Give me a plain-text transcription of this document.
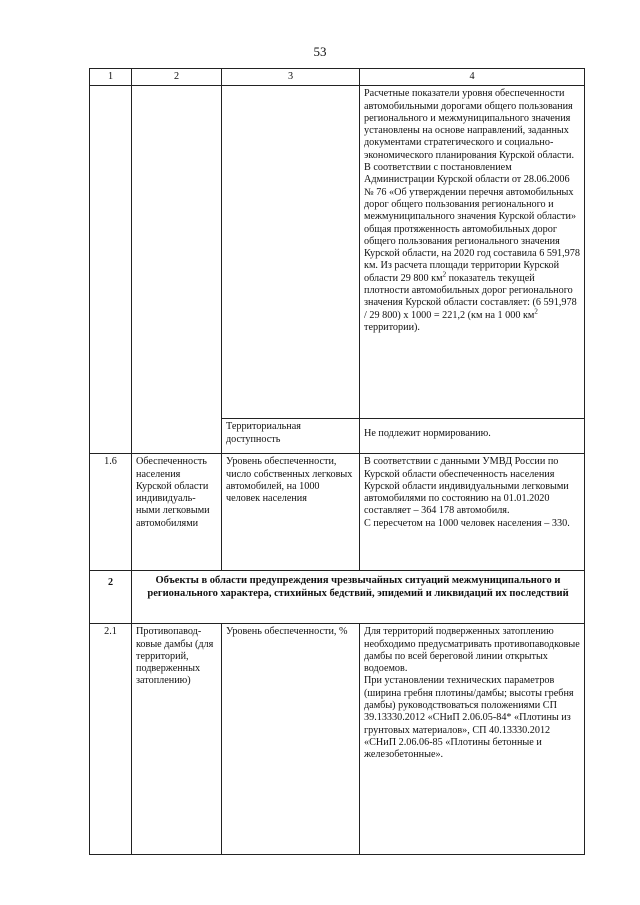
53
1	2	3	4

			Расчетные показатели уровня обеспеченности автомобильными дорогами общего пользования регионального и межмуниципального значения установлены на основе направлений, заданных документами стратегического и социально-экономического планирования Курской области.

В соответствии с постановлением Администрации Курской области от 28.06.2006 № 76 «Об утверждении перечня автомобильных дорог общего пользования регионального и межмуниципального значения Курской области» общая протяженность автомобильных дорог общего пользования регионального значения Курской области, на 2020 год составила 6 591,978 км. Из расчета площади территории Курской области 29 800 $км^2$ показатель текущей плотности автомобильных дорог регионального значения Курской области составляет: (6 591,978 / 29 800) х 1000 = 221,2 (км на 1 000 $км^2$ территории).

		Территориальная доступность	Не подлежит нормированию.
1.6	Обеспеченность населения Курской области индивидуаль-ными легковыми автомобилями	Уровень обеспеченности, число собственных легковых автомобилей, на 1000 человек населения	В соответствии с данными УМВД России по Курской области обеспеченность населения Курской области индивидуальными легковыми автомобилями по состоянию на 01.01.2020 составляет – 364 178 автомобиля.

С пересчетом на 1000 человек населения – 330.

2	Объекты в области предупреждения чрезвычайных ситуаций межмуниципального и регионального характера, стихийных бедствий, эпидемий и ликвидаций их последствий		
2.1	Противопавод-ковые дамбы (для территорий, подверженных затоплению)	Уровень обеспеченности, %	Для территорий подверженных затоплению необходимо предусматривать противопаводковые дамбы по всей береговой линии открытых водоемов.

При установлении технических параметров (ширина гребня плотины/дамбы; высоты гребня дамбы) руководствоваться положениями СП 39.13330.2012 «СНиП 2.06.05-84* «Плотины из грунтовых материалов», СП 40.13330.2012 «СНиП 2.06.06-85 «Плотины бетонные и железобетонные».
